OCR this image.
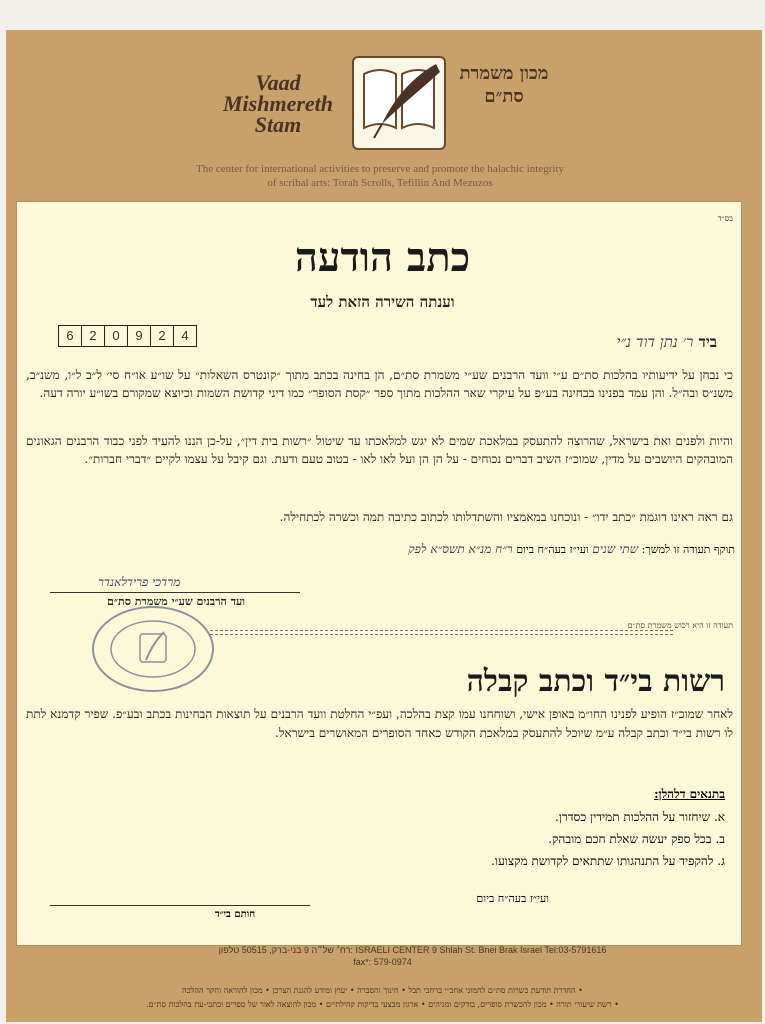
Vaad Mishmereth Stam
מכון משמרת סת״ם
The center for international activities to preserve and promote the halachic integrity
of scribal arts: Torah Scrolls, Tefillin And Mezuzos
בס״ד
כתב הודעה
וענתה השירה הזאת לעד
6	2	0	9	2	4	ביד ר׳ נתן דוד נ״י
כי נבחן על ידיעותיו בהלכות סת״ם ע״י וועד הרבנים שע״י משמרת סת״ם, הן בחינה בכתב מתוך ״קונטרס השאלות״ על שו״ע או״ח סי׳ ל״ב ל״ו, משנ״ב, משנ״ס ובה״ל. והן עמד בפנינו בבחינה בע״פ על עיקרי שאר ההלכות מתוך ספר ״קסת הסופר״ כמו דיני קדושת השמות וכיוצא שמקורם בשו״ע יורה דעה.
והיות ולפנים ואת בישראל, שהרוצה להתעסק במלאכת שמים לא יגש למלאכתו עד שיטול ״רשות בית דין״, על-כן הננו להעיד לפני כבוד הרבנים הגאונים המובהקים היושבים על מדין, שמוכ״ז השיב דברים נכוחים - על הן הן ועל לאו לאו - בטוב טעם ודעת. וגם קיבל על עצמו לקיים ״דברי חברות״.
גם ראה ראינו דוגמת ״כתב ידו״ - ונוכחנו במאמציו והשתדלותו לכתוב כתיבה תמה וכשרה לכתחילה.
תוקף תעודה זו למשך: שתי שנים ועי״ז בעה״ח ביום ר״ח מנ״א תשס״א לפק
מרדכי פרידלאנדר
ועד הרבנים שע״י משמרת סת״ם
תעודה זו היא רכוש משמרת סת״ם
רשות בי״ד וכתב קבלה
לאחר שמוכ״ז הופיע לפנינו החו״מ באופן אישי, ושוחחנו עמו קצת בהלכה, ועפ״י החלטת וועד הרבנים על תוצאות הבחינות בכתב ובע״פ. שפיר קדמנא לתת לו רשות בי״ד וכתב קבלה ע״מ שיוכל להתעסק במלאכת הקודש כאחד הסופרים המאושרים בישראל.
בתנאים דלהלן:
א. שיחזור על ההלכות תמידין כסדרן.
ב. בכל ספק יעשה שאלת חכם מובהק.
ג. להקפיד על התנהגותו שתתאים לקדושת מקצועו.
ועי״ז בעה״ח ביום
חותם בי״ד
רח׳ של״ה 9 בני-ברק, 50515 טלפון: ISRAELI CENTER 9 Shlah St. Bnei Brak Israel Tel:03-5791616
fax*: 579-0974
• החדרת תודעת כשרות סת״ם להמוני אחב״י ברחבי תבל • חינוך והסברה • יעוץ ומידע להגנת הצרכן • מכון להוראה וחקר ההלכה
• רשת שיעורי תורה • מכון להכשרת סופרים, בודקים ומגיהים • ארגון מבצעי בדיקות קהילתיים • מכון להוצאה לאור של ספרים וכתבי-עת בהלכות סת״ם.
